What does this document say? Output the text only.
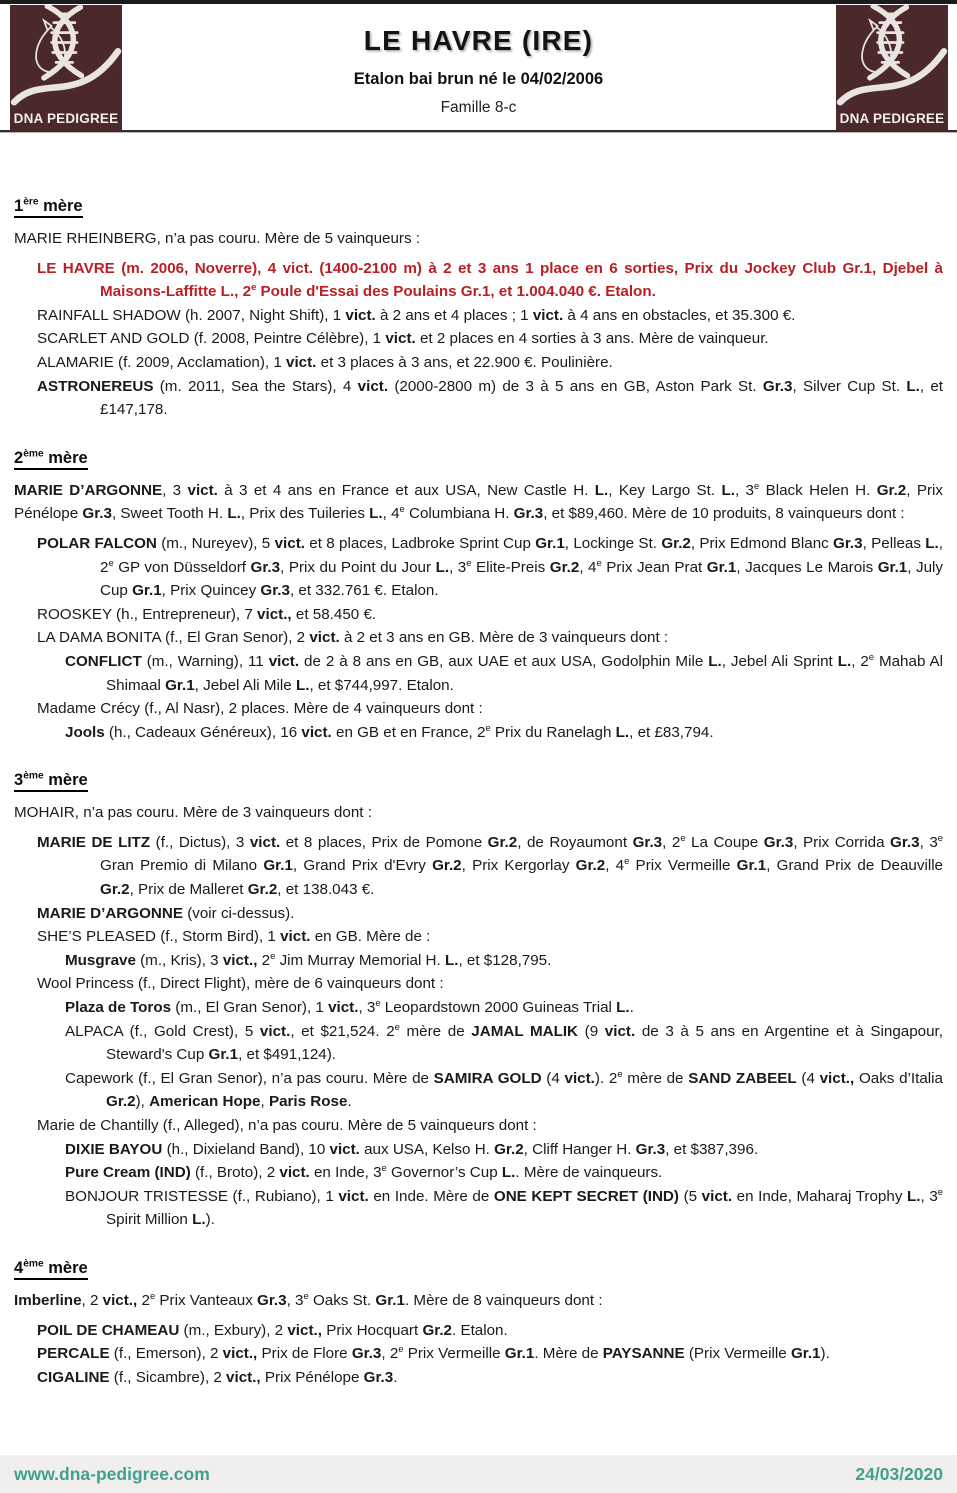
DNA PEDIGREE
LE HAVRE (IRE)
Etalon bai brun né le 04/02/2006
Famille 8-c
DNA PEDIGREE
1ère mère

MARIE RHEINBERG, n’a pas couru. Mère de 5 vainqueurs :

LE HAVRE (m. 2006, Noverre), 4 vict. (1400-2100 m) à 2 et 3 ans 1 place en 6 sorties, Prix du Jockey Club Gr.1, Djebel à Maisons-Laffitte L., 2e Poule d'Essai des Poulains Gr.1, et 1.004.040 €. Etalon.

RAINFALL SHADOW (h. 2007, Night Shift), 1 vict. à 2 ans et 4 places ; 1 vict. à 4 ans en obstacles, et 35.300 €.

SCARLET AND GOLD (f. 2008, Peintre Célèbre), 1 vict. et 2 places en 4 sorties à 3 ans. Mère de vainqueur.

ALAMARIE (f. 2009, Acclamation), 1 vict. et 3 places à 3 ans, et 22.900 €. Poulinière.

ASTRONEREUS (m. 2011, Sea the Stars), 4 vict. (2000-2800 m) de 3 à 5 ans en GB, Aston Park St. Gr.3, Silver Cup St. L., et £147,178.

2ème mère

MARIE D’ARGONNE, 3 vict. à 3 et 4 ans en France et aux USA, New Castle H. L., Key Largo St. L., 3e Black Helen H. Gr.2, Prix Pénélope Gr.3, Sweet Tooth H. L., Prix des Tuileries L., 4e Columbiana H. Gr.3, et $89,460. Mère de 10 produits, 8 vainqueurs dont :

POLAR FALCON (m., Nureyev), 5 vict. et 8 places, Ladbroke Sprint Cup Gr.1, Lockinge St. Gr.2, Prix Edmond Blanc Gr.3, Pelleas L., 2e GP von Düsseldorf Gr.3, Prix du Point du Jour L., 3e Elite-Preis Gr.2, 4e Prix Jean Prat Gr.1, Jacques Le Marois Gr.1, July Cup Gr.1, Prix Quincey Gr.3, et 332.761 €. Etalon.

ROOSKEY (h., Entrepreneur), 7 vict., et 58.450 €.

LA DAMA BONITA (f., El Gran Senor), 2 vict. à 2 et 3 ans en GB. Mère de 3 vainqueurs dont :

CONFLICT (m., Warning), 11 vict. de 2 à 8 ans en GB, aux UAE et aux USA, Godolphin Mile L., Jebel Ali Sprint L., 2e Mahab Al Shimaal Gr.1, Jebel Ali Mile L., et $744,997. Etalon.

Madame Crécy (f., Al Nasr), 2 places. Mère de 4 vainqueurs dont :

Jools (h., Cadeaux Généreux), 16 vict. en GB et en France, 2e Prix du Ranelagh L., et £83,794.

3ème mère

MOHAIR, n’a pas couru. Mère de 3 vainqueurs dont :

MARIE DE LITZ (f., Dictus), 3 vict. et 8 places, Prix de Pomone Gr.2, de Royaumont Gr.3, 2e La Coupe Gr.3, Prix Corrida Gr.3, 3e Gran Premio di Milano Gr.1, Grand Prix d'Evry Gr.2, Prix Kergorlay Gr.2, 4e Prix Vermeille Gr.1, Grand Prix de Deauville Gr.2, Prix de Malleret Gr.2, et 138.043 €.

MARIE D’ARGONNE (voir ci-dessus).

SHE’S PLEASED (f., Storm Bird), 1 vict. en GB. Mère de :

Musgrave (m., Kris), 3 vict., 2e Jim Murray Memorial H. L., et $128,795.

Wool Princess (f., Direct Flight), mère de 6 vainqueurs dont :

Plaza de Toros (m., El Gran Senor), 1 vict., 3e Leopardstown 2000 Guineas Trial L..

ALPACA (f., Gold Crest), 5 vict., et $21,524. 2e mère de JAMAL MALIK (9 vict. de 3 à 5 ans en Argentine et à Singapour, Steward's Cup Gr.1, et $491,124).

Capework (f., El Gran Senor), n’a pas couru. Mère de SAMIRA GOLD (4 vict.). 2e mère de SAND ZABEEL (4 vict., Oaks d’Italia Gr.2), American Hope, Paris Rose.

Marie de Chantilly (f., Alleged), n’a pas couru. Mère de 5 vainqueurs dont :

DIXIE BAYOU (h., Dixieland Band), 10 vict. aux USA, Kelso H. Gr.2, Cliff Hanger H. Gr.3, et $387,396.

Pure Cream (IND) (f., Broto), 2 vict. en Inde, 3e Governor’s Cup L.. Mère de vainqueurs.

BONJOUR TRISTESSE (f., Rubiano), 1 vict. en Inde. Mère de ONE KEPT SECRET (IND) (5 vict. en Inde, Maharaj Trophy L., 3e Spirit Million L.).

4ème mère

Imberline, 2 vict., 2e Prix Vanteaux Gr.3, 3e Oaks St. Gr.1. Mère de 8 vainqueurs dont :

POIL DE CHAMEAU (m., Exbury), 2 vict., Prix Hocquart Gr.2. Etalon.

PERCALE (f., Emerson), 2 vict., Prix de Flore Gr.3, 2e Prix Vermeille Gr.1. Mère de PAYSANNE (Prix Vermeille Gr.1).

CIGALINE (f., Sicambre), 2 vict., Prix Pénélope Gr.3.

www.dna-pedigree.com	24/03/2020
